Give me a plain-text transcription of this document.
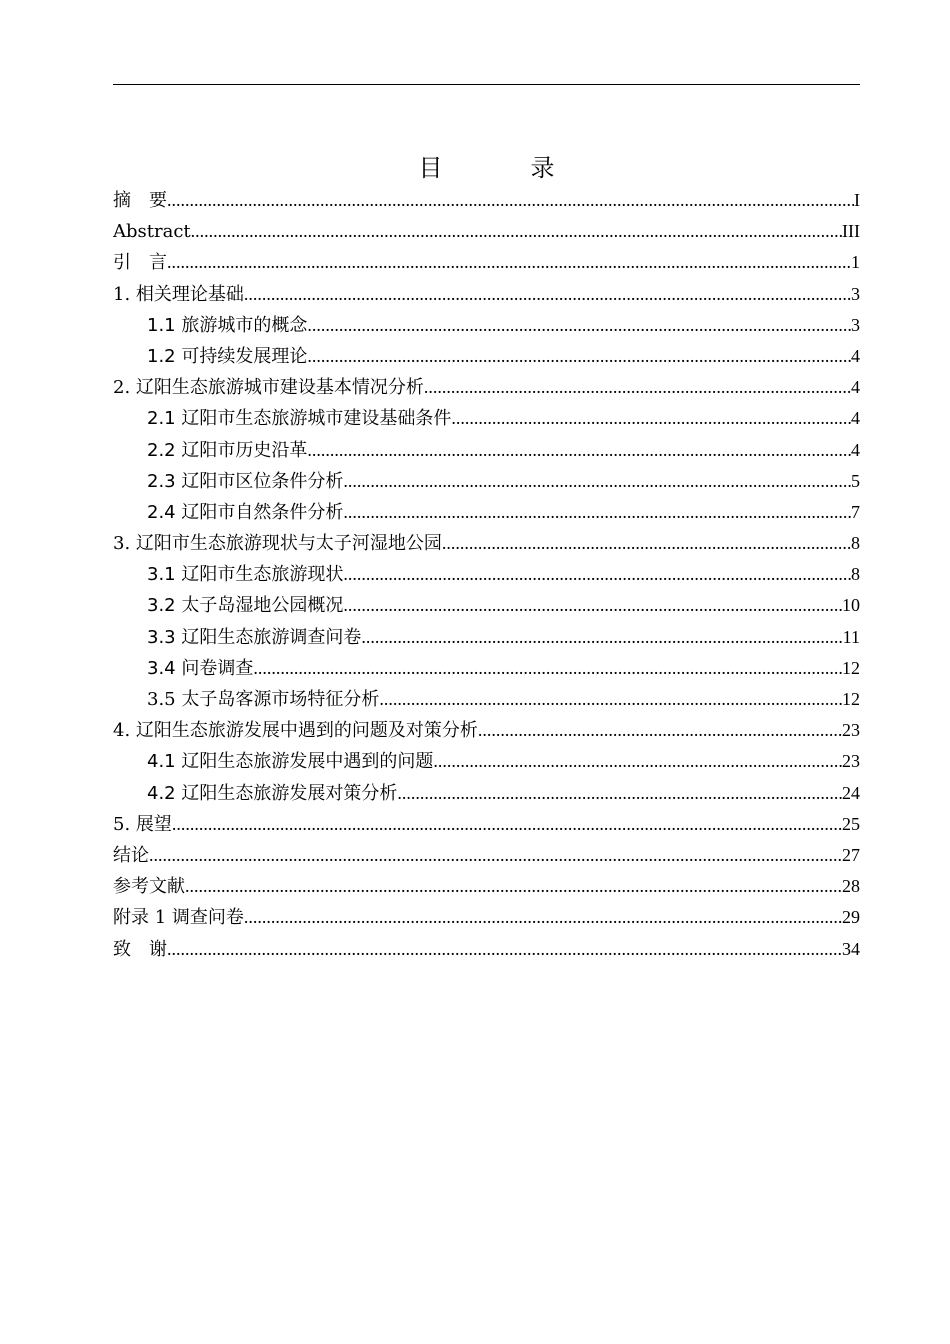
目　录
摘　要 .....	I
Abstract .....	III
引　言 .....	1
1. 相关理论基础 .....	3
1.1 旅游城市的概念 .....	3
1.2 可持续发展理论 .....	4
2. 辽阳生态旅游城市建设基本情况分析 .....	4
2.1 辽阳市生态旅游城市建设基础条件 .....	4
2.2 辽阳市历史沿革 .....	4
2.3 辽阳市区位条件分析 .....	5
2.4 辽阳市自然条件分析 .....	7
3. 辽阳市生态旅游现状与太子河湿地公园 .....	8
3.1 辽阳市生态旅游现状 .....	8
3.2 太子岛湿地公园概况 .....	10
3.3 辽阳生态旅游调查问卷 .....	11
3.4 问卷调查 .....	12
3.5 太子岛客源市场特征分析 .....	12
4. 辽阳生态旅游发展中遇到的问题及对策分析 .....	23
4.1 辽阳生态旅游发展中遇到的问题 .....	23
4.2 辽阳生态旅游发展对策分析 .....	24
5. 展望 .....	25
结论 .....	27
参考文献 .....	28
附录 1 调查问卷 .....	29
致　谢 .....	34
